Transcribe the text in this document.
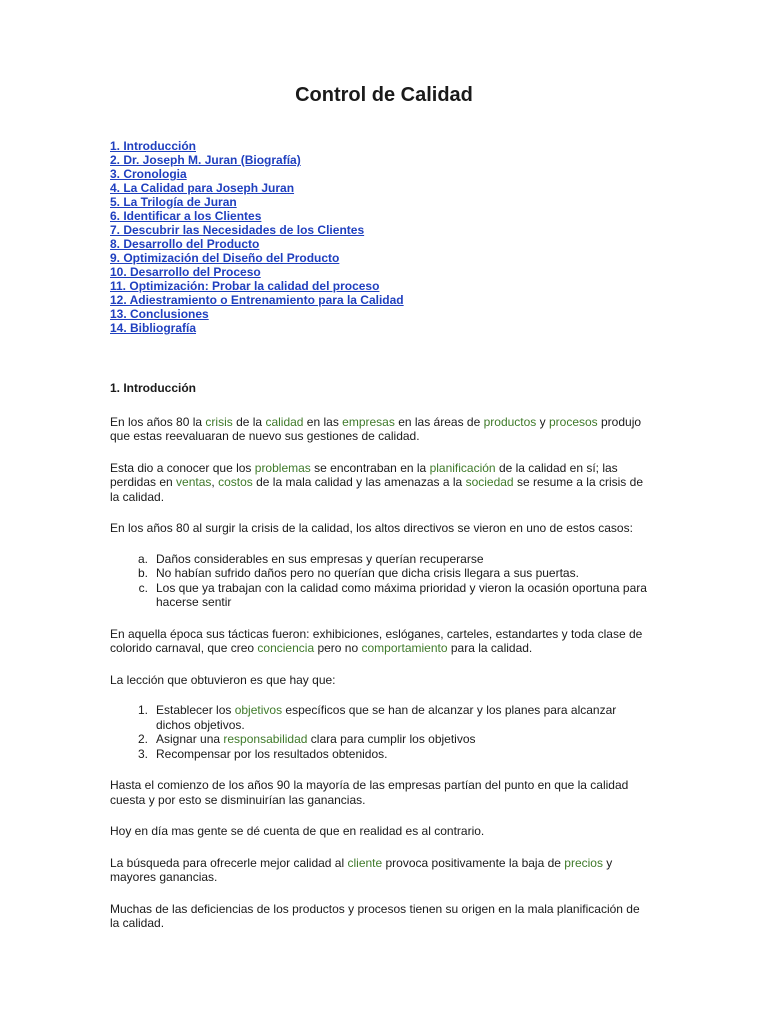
Control de Calidad
1. Introducción
2. Dr. Joseph M. Juran (Biografía)
3. Cronologia
4. La Calidad para Joseph Juran
5. La Trilogía de Juran
6. Identificar a los Clientes
7. Descubrir las Necesidades de los Clientes
8. Desarrollo del Producto
9. Optimización del Diseño del Producto
10. Desarrollo del Proceso
11. Optimización: Probar la calidad del proceso
12. Adiestramiento o Entrenamiento para la Calidad
13. Conclusiones
14. Bibliografía

1. Introducción

En los años 80 la crisis de la calidad en las empresas en las áreas de productos y procesos produjo que estas reevaluaran de nuevo sus gestiones de calidad.

Esta dio a conocer que los problemas se encontraban en la planificación de la calidad en sí; las perdidas en ventas, costos de la mala calidad y las amenazas a la sociedad se resume a la crisis de la calidad.

En los años 80 al surgir la crisis de la calidad, los altos directivos se vieron en uno de estos casos:

a. Daños considerables en sus empresas y querían recuperarse
b. No habían sufrido daños pero no querían que dicha crisis llegara a sus puertas.
c. Los que ya trabajan con la calidad como máxima prioridad y vieron la ocasión oportuna para hacerse sentir

En aquella época sus tácticas fueron: exhibiciones, eslóganes, carteles, estandartes y toda clase de colorido carnaval, que creo conciencia pero no comportamiento para la calidad.

La lección que obtuvieron es que hay que:

1. Establecer los objetivos específicos que se han de alcanzar y los planes para alcanzar dichos objetivos.
2. Asignar una responsabilidad clara para cumplir los objetivos
3. Recompensar por los resultados obtenidos.

Hasta el comienzo de los años 90 la mayoría de las empresas partían del punto en que la calidad cuesta y por esto se disminuirían las ganancias.

Hoy en día mas gente se dé cuenta de que en realidad es al contrario.

La búsqueda para ofrecerle mejor calidad al cliente provoca positivamente la baja de precios y mayores ganancias.

Muchas de las deficiencias de los productos y procesos tienen su origen en la mala planificación de la calidad.
